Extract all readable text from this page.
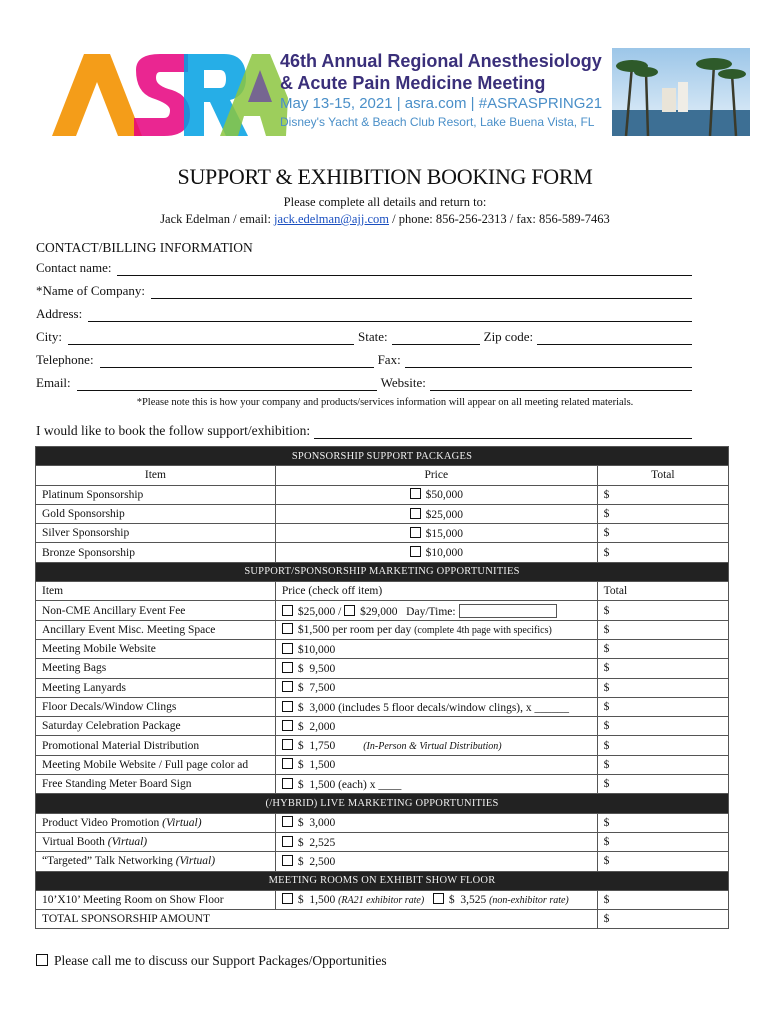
46th Annual Regional Anesthesiology
& Acute Pain Medicine Meeting
May 13-15, 2021 | asra.com | #ASRASPRING21
Disney's Yacht & Beach Club Resort, Lake Buena Vista, FL
SUPPORT & EXHIBITION BOOKING FORM
Please complete all details and return to:
Jack Edelman / email: jack.edelman@ajj.com / phone: 856-256-2313 / fax: 856-589-7463
CONTACT/BILLING INFORMATION
Contact name:
*Name of Company:
Address:
City:	State:	Zip code:
Telephone:	Fax:
Email:	Website:
*Please note this is how your company and products/services information will appear on all meeting related materials.
I would like to book the follow support/exhibition:
SPONSORSHIP SUPPORT PACKAGES		
Item	Price	Total
Platinum Sponsorship	$50,000	$
Gold Sponsorship	$25,000	$
Silver Sponsorship	$15,000	$
Bronze Sponsorship	$10,000	$
SUPPORT/SPONSORSHIP MARKETING OPPORTUNITIES		
Item	Price (check off item)	Total
Non-CME Ancillary Event Fee	$25,000 / $29,000 Day/Time:	$
Ancillary Event Misc. Meeting Space	$1,500 per room per day (complete 4th page with specifics)	$
Meeting Mobile Website	$10,000	$
Meeting Bags	$  9,500	$
Meeting Lanyards	$  7,500	$
Floor Decals/Window Clings	$  3,000 (includes 5 floor decals/window clings), x ______	$
Saturday Celebration Package	$  2,000	$
Promotional Material Distribution	$  1,750 (In-Person & Virtual Distribution)	$
Meeting Mobile Website / Full page color ad	$  1,500	$
Free Standing Meter Board Sign	$  1,500 (each) x ____	$
(/HYBRID) LIVE MARKETING OPPORTUNITIES		
Product Video Promotion (Virtual)	$  3,000	$
Virtual Booth (Virtual)	$  2,525	$
“Targeted” Talk Networking (Virtual)	$  2,500	$
MEETING ROOMS ON EXHIBIT SHOW FLOOR		
10’X10’ Meeting Room on Show Floor	$  1,500 (RA21 exhibitor rate) $  3,525 (non-exhibitor rate)	$
TOTAL SPONSORSHIP AMOUNT		$
Please call me to discuss our Support Packages/Opportunities
